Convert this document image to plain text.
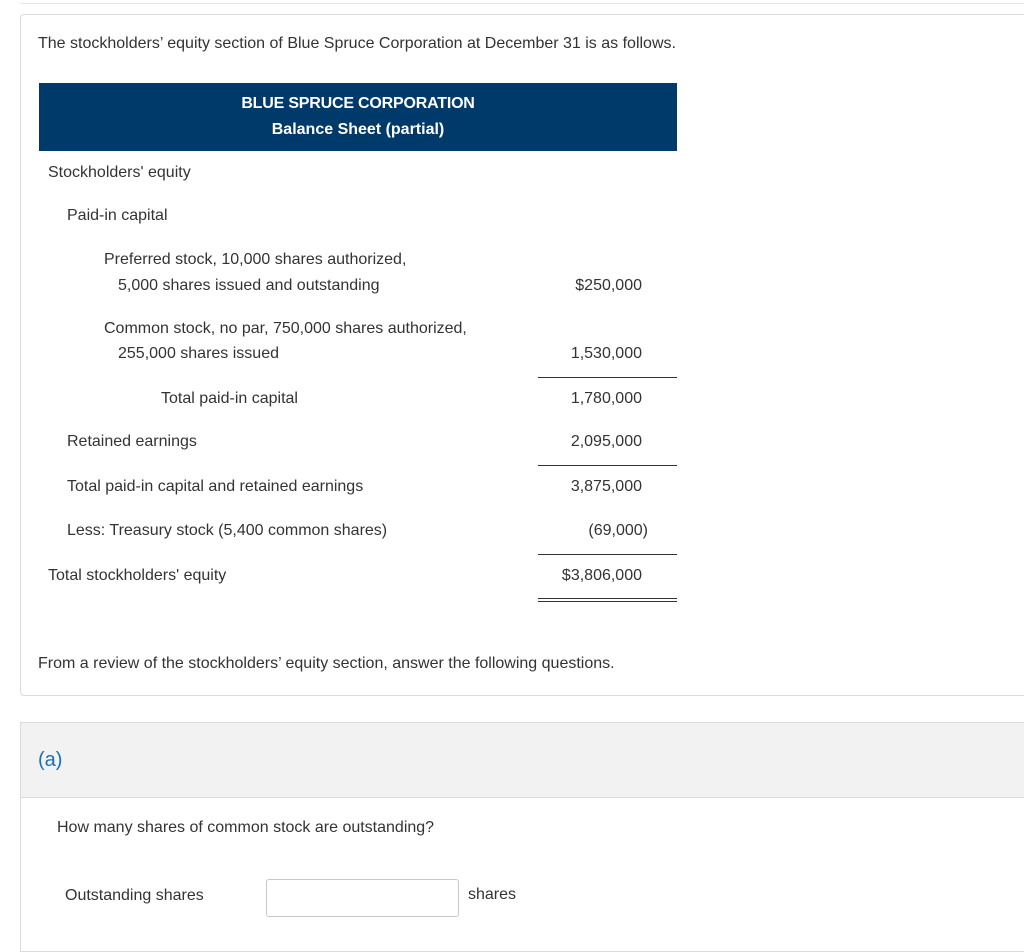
The stockholders’ equity section of Blue Spruce Corporation at December 31 is as follows.
BLUE SPRUCE CORPORATION
Balance Sheet (partial)
Stockholders' equity
Paid-in capital
Preferred stock, 10,000 shares authorized,
5,000 shares issued and outstanding	$250,000
Common stock, no par, 750,000 shares authorized,
255,000 shares issued	1,530,000
Total paid-in capital	1,780,000
Retained earnings	2,095,000
Total paid-in capital and retained earnings	3,875,000
Less: Treasury stock (5,400 common shares)	(69,000)
Total stockholders' equity	$3,806,000
From a review of the stockholders’ equity section, answer the following questions.
(a)
How many shares of common stock are outstanding?
Outstanding shares	shares
